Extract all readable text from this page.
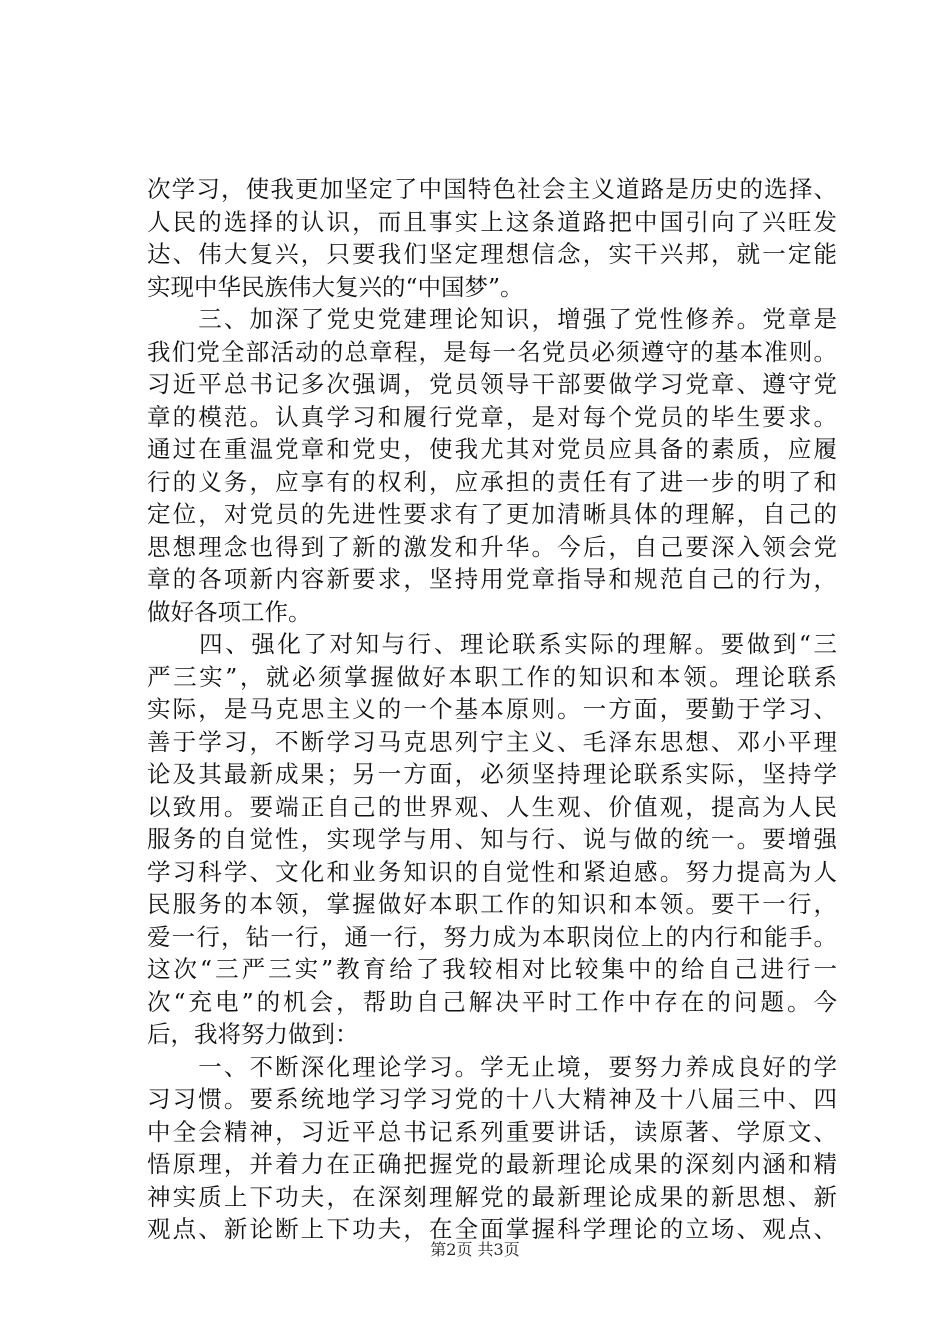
次学习，使我更加坚定了中国特色社会主义道路是历史的选择、
人民的选择的认识，而且事实上这条道路把中国引向了兴旺发
达、伟大复兴，只要我们坚定理想信念，实干兴邦，就一定能
实现中华民族伟大复兴的“中国梦”。
　　三、加深了党史党建理论知识，增强了党性修养。党章是
我们党全部活动的总章程，是每一名党员必须遵守的基本准则。
习近平总书记多次强调，党员领导干部要做学习党章、遵守党
章的模范。认真学习和履行党章，是对每个党员的毕生要求。
通过在重温党章和党史，使我尤其对党员应具备的素质，应履
行的义务，应享有的权利，应承担的责任有了进一步的明了和
定位，对党员的先进性要求有了更加清晰具体的理解，自己的
思想理念也得到了新的激发和升华。今后，自己要深入领会党
章的各项新内容新要求，坚持用党章指导和规范自己的行为，
做好各项工作。
　　四、强化了对知与行、理论联系实际的理解。要做到“三
严三实”，就必须掌握做好本职工作的知识和本领。理论联系
实际，是马克思主义的一个基本原则。一方面，要勤于学习、
善于学习，不断学习马克思列宁主义、毛泽东思想、邓小平理
论及其最新成果；另一方面，必须坚持理论联系实际，坚持学
以致用。要端正自己的世界观、人生观、价值观，提高为人民
服务的自觉性，实现学与用、知与行、说与做的统一。要增强
学习科学、文化和业务知识的自觉性和紧迫感。努力提高为人
民服务的本领，掌握做好本职工作的知识和本领。要干一行，
爱一行，钻一行，通一行，努力成为本职岗位上的内行和能手。
这次“三严三实”教育给了我较相对比较集中的给自己进行一
次“充电”的机会，帮助自己解决平时工作中存在的问题。今
后，我将努力做到：
　　一、不断深化理论学习。学无止境，要努力养成良好的学
习习惯。要系统地学习学习党的十八大精神及十八届三中、四
中全会精神，习近平总书记系列重要讲话，读原著、学原文、
悟原理，并着力在正确把握党的最新理论成果的深刻内涵和精
神实质上下功夫，在深刻理解党的最新理论成果的新思想、新
观点、新论断上下功夫，在全面掌握科学理论的立场、观点、
第2页 共3页
